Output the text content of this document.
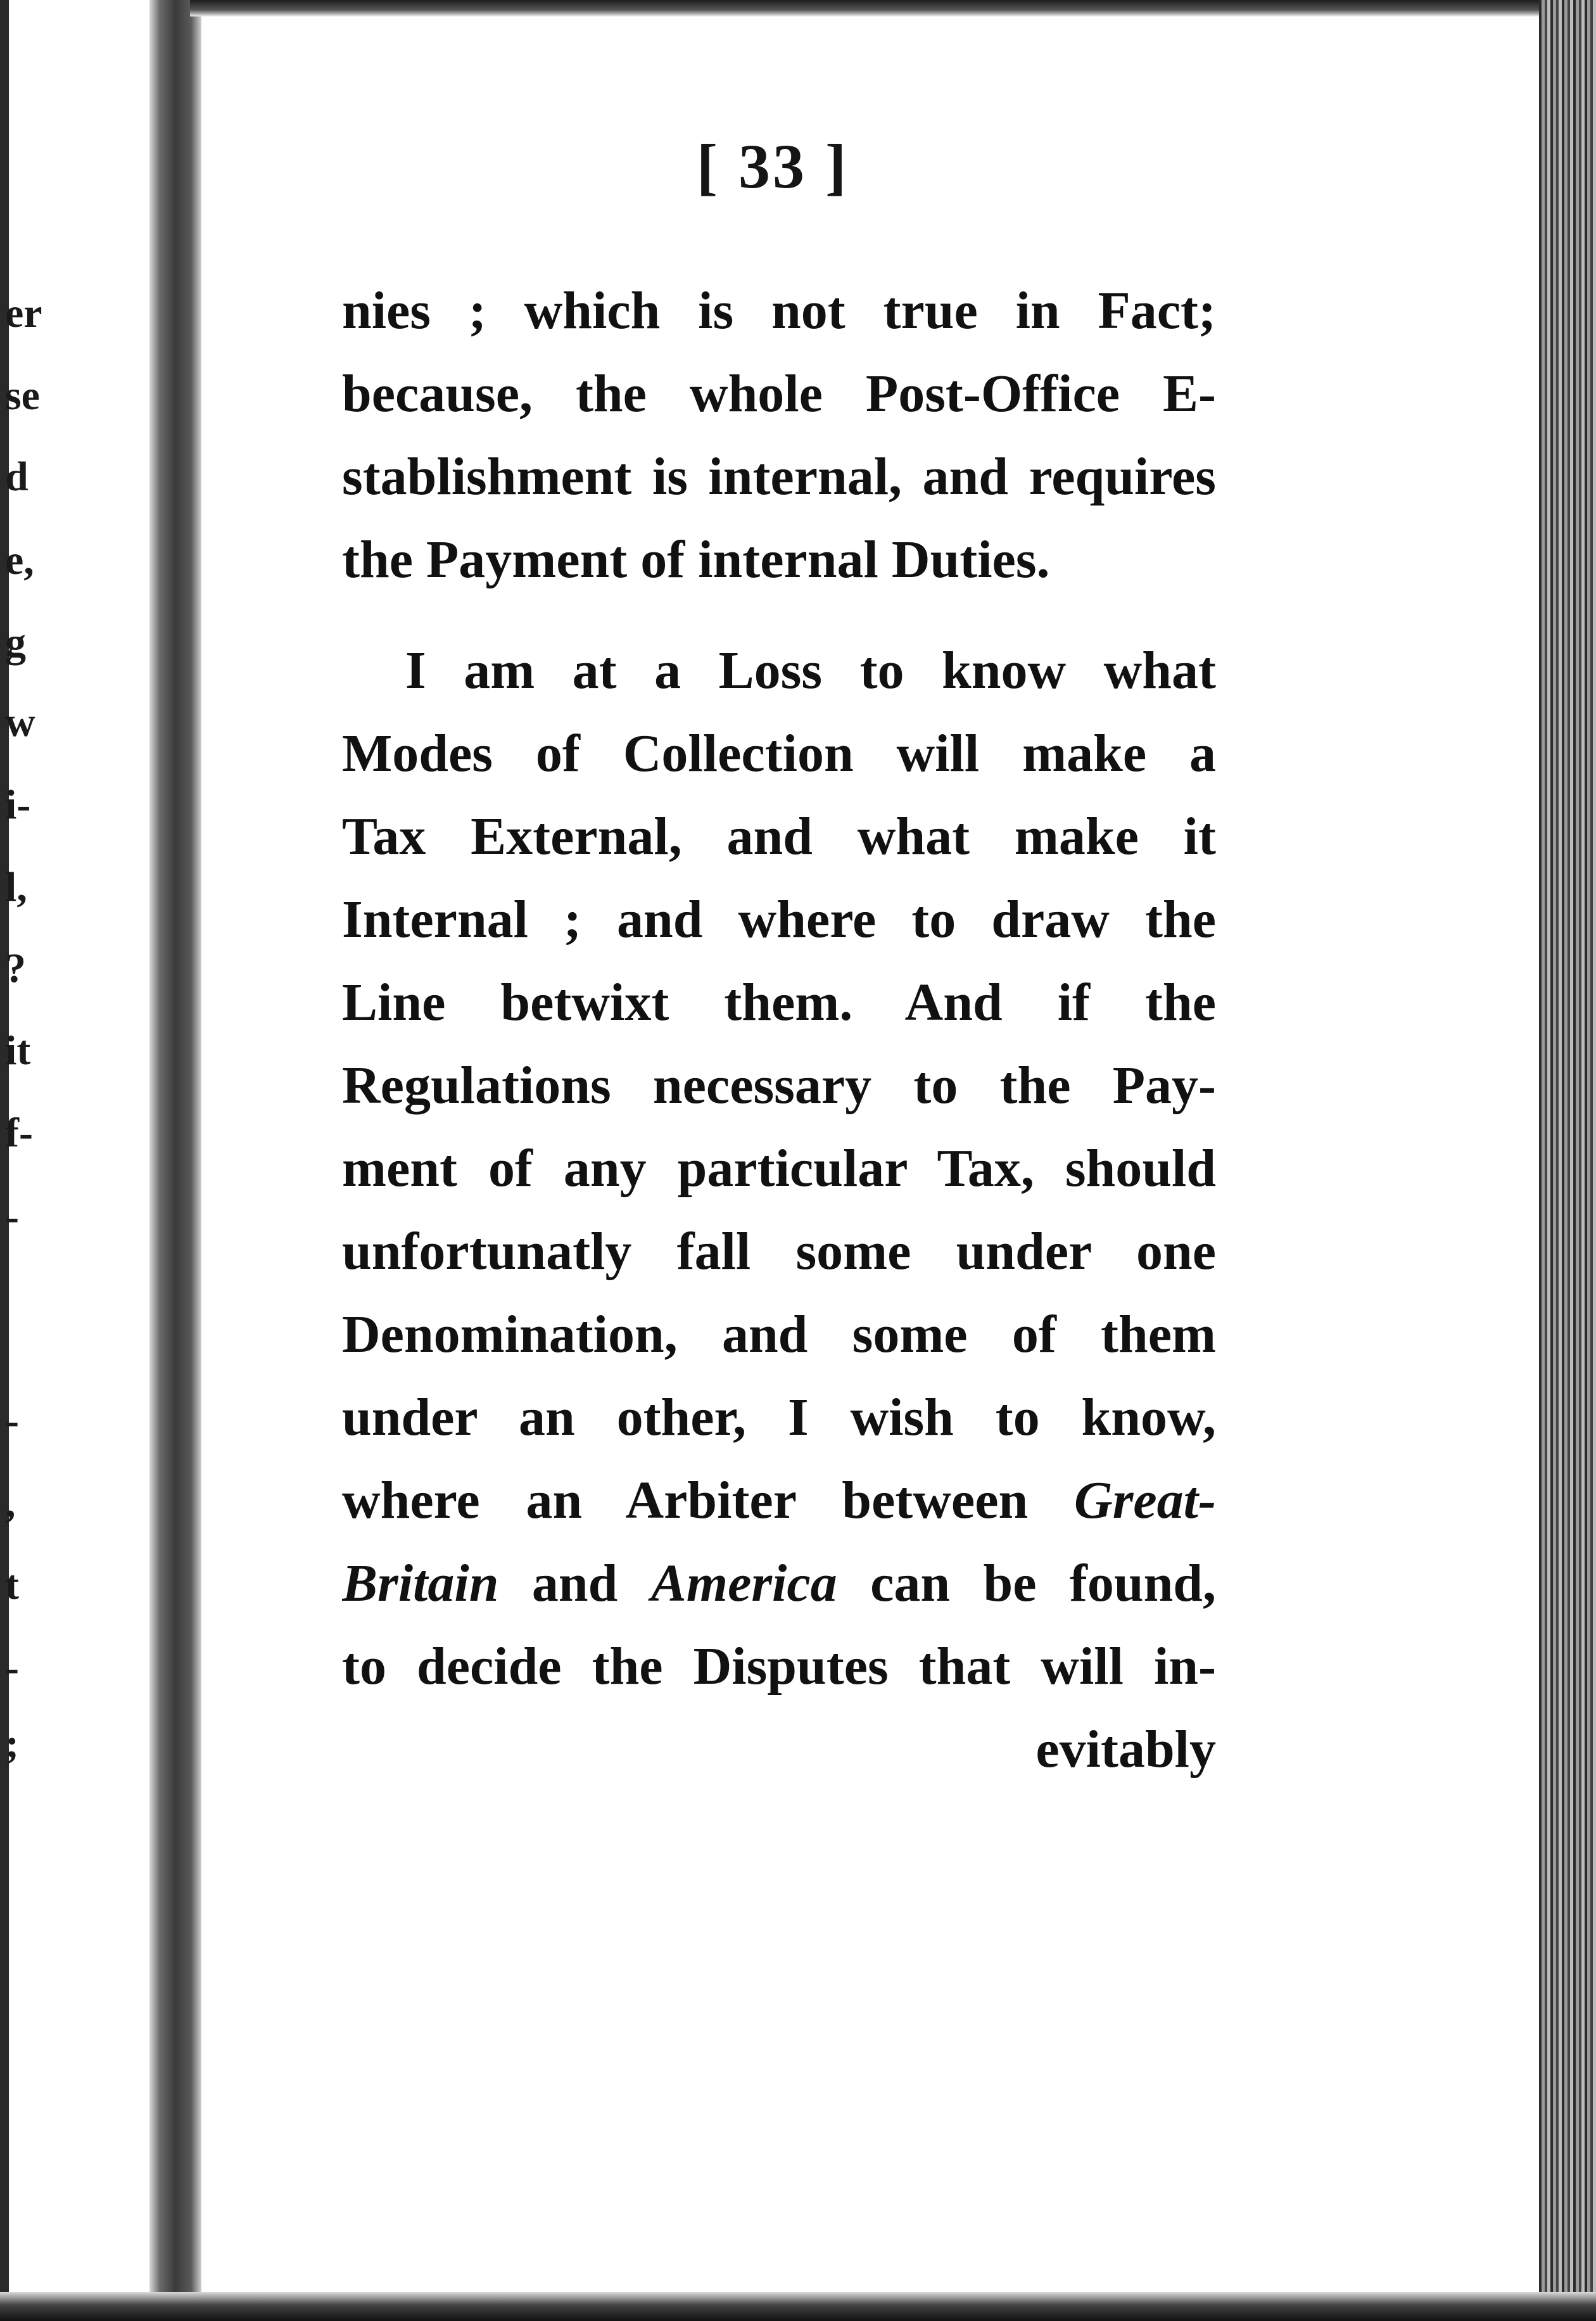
er

se

d

e,

g

w

i-

l,

?

it

f-

-

-

,

t

-

;

[ 33 ]

nies ; which is not true in Fact;
because, the whole Post-Office E-
stablishment is internal, and requires
the Payment of internal Duties.

I am at a Loss to know what
Modes of Collection will make a
Tax External, and what make it
Internal ; and where to draw the
Line betwixt them. And if the
Regulations necessary to the Pay-
ment of any particular Tax, should
unfortunatly fall some under one
Denomination, and some of them
under an other, I wish to know,
where an Arbiter between Great-
Britain and America can be found,
to decide the Disputes that will in-
evitably
